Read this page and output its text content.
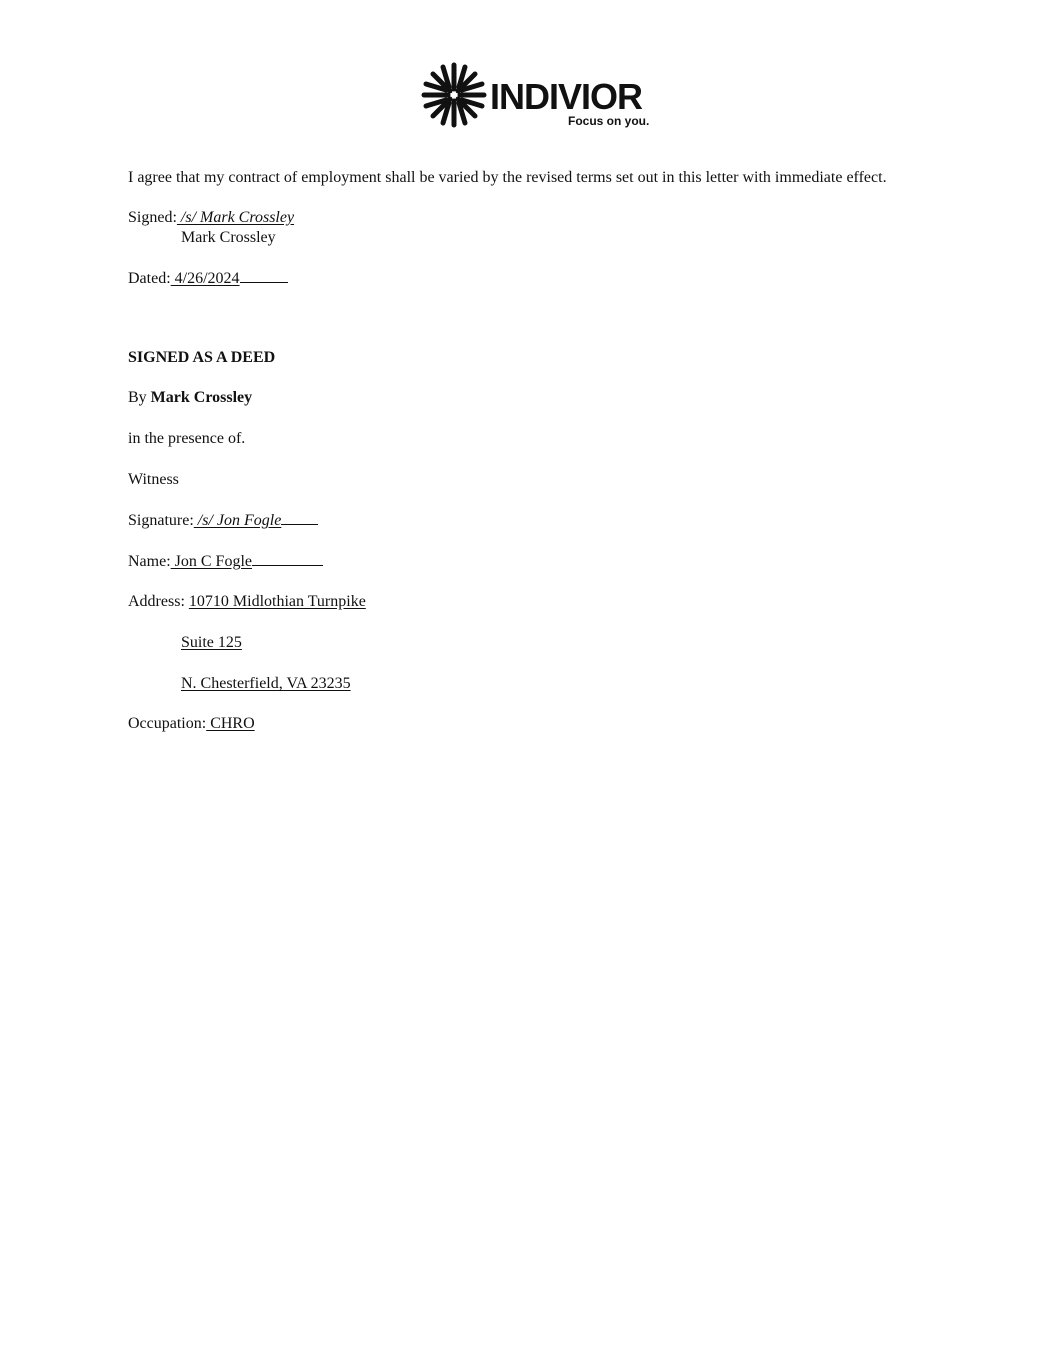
INDIVIOR
Focus on you.
I agree that my contract of employment shall be varied by the revised terms set out in this letter with immediate effect.
Signed: /s/ Mark Crossley
Mark Crossley
Dated: 4/26/2024
SIGNED AS A DEED
By Mark Crossley
in the presence of.
Witness
Signature: /s/ Jon Fogle
Name: Jon C Fogle
Address: 10710 Midlothian Turnpike
Suite 125
N. Chesterfield, VA 23235
Occupation: CHRO
